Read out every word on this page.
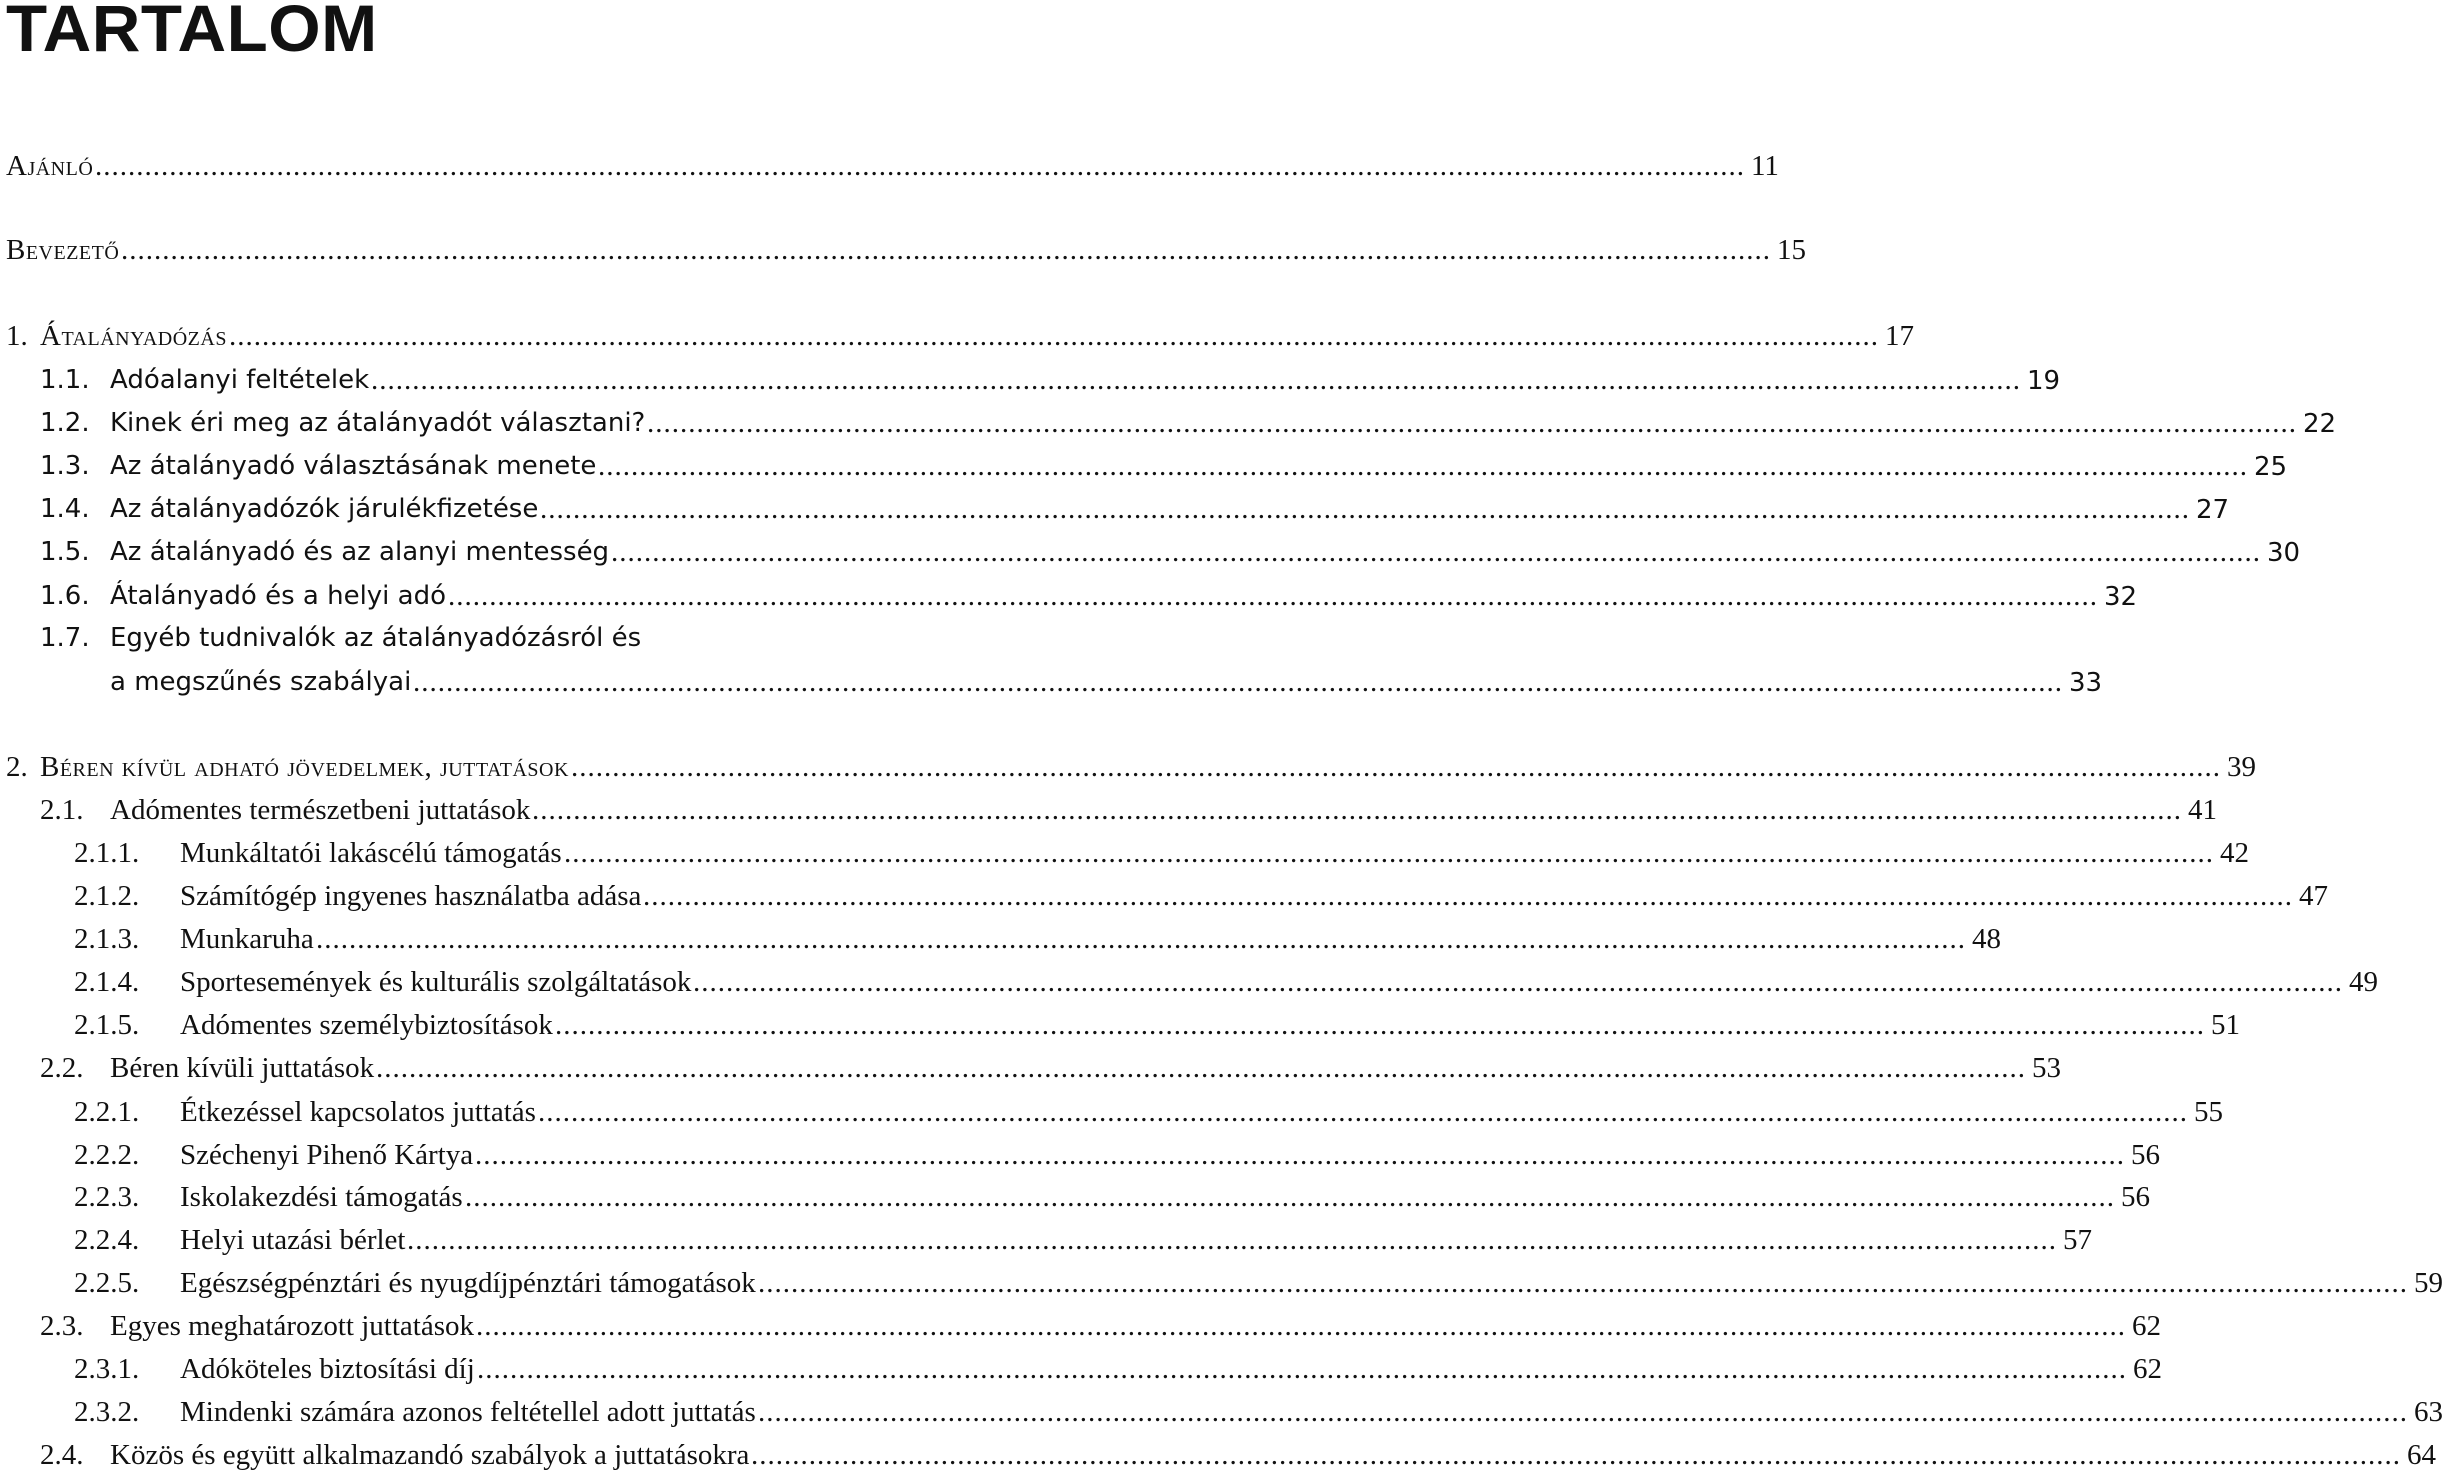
TARTALOM
Ajánló ........................................................................................................................................................................................................ 11
Bevezető ........................................................................................................................................................................................................ 15
1. Átalányadózás ........................................................................................................................................................................................................ 17
1.1. Adóalanyi feltételek ........................................................................................................................................................................................................ 19
1.2. Kinek éri meg az átalányadót választani? ........................................................................................................................................................................................................ 22
1.3. Az átalányadó választásának menete ........................................................................................................................................................................................................ 25
1.4. Az átalányadózók járulékfizetése ........................................................................................................................................................................................................ 27
1.5. Az átalányadó és az alanyi mentesség ........................................................................................................................................................................................................ 30
1.6. Átalányadó és a helyi adó ........................................................................................................................................................................................................ 32
1.7. Egyéb tudnivalók az átalányadózásról és
a megszűnés szabályai ........................................................................................................................................................................................................ 33
2. Béren kívül adható jövedelmek, juttatások ........................................................................................................................................................................................................ 39
2.1. Adómentes természetbeni juttatások ........................................................................................................................................................................................................ 41
2.1.1. Munkáltatói lakáscélú támogatás ........................................................................................................................................................................................................ 42
2.1.2. Számítógép ingyenes használatba adása ........................................................................................................................................................................................................ 47
2.1.3. Munkaruha ........................................................................................................................................................................................................ 48
2.1.4. Sportesemények és kulturális szolgáltatások ........................................................................................................................................................................................................ 49
2.1.5. Adómentes személybiztosítások ........................................................................................................................................................................................................ 51
2.2. Béren kívüli juttatások ........................................................................................................................................................................................................ 53
2.2.1. Étkezéssel kapcsolatos juttatás ........................................................................................................................................................................................................ 55
2.2.2. Széchenyi Pihenő Kártya ........................................................................................................................................................................................................ 56
2.2.3. Iskolakezdési támogatás ........................................................................................................................................................................................................ 56
2.2.4. Helyi utazási bérlet ........................................................................................................................................................................................................ 57
2.2.5. Egészségpénztári és nyugdíjpénztári támogatások ........................................................................................................................................................................................................ 59
2.3. Egyes meghatározott juttatások ........................................................................................................................................................................................................ 62
2.3.1. Adóköteles biztosítási díj ........................................................................................................................................................................................................ 62
2.3.2. Mindenki számára azonos feltétellel adott juttatás ........................................................................................................................................................................................................ 63
2.4. Közös és együtt alkalmazandó szabályok a juttatásokra ........................................................................................................................................................................................................ 64
